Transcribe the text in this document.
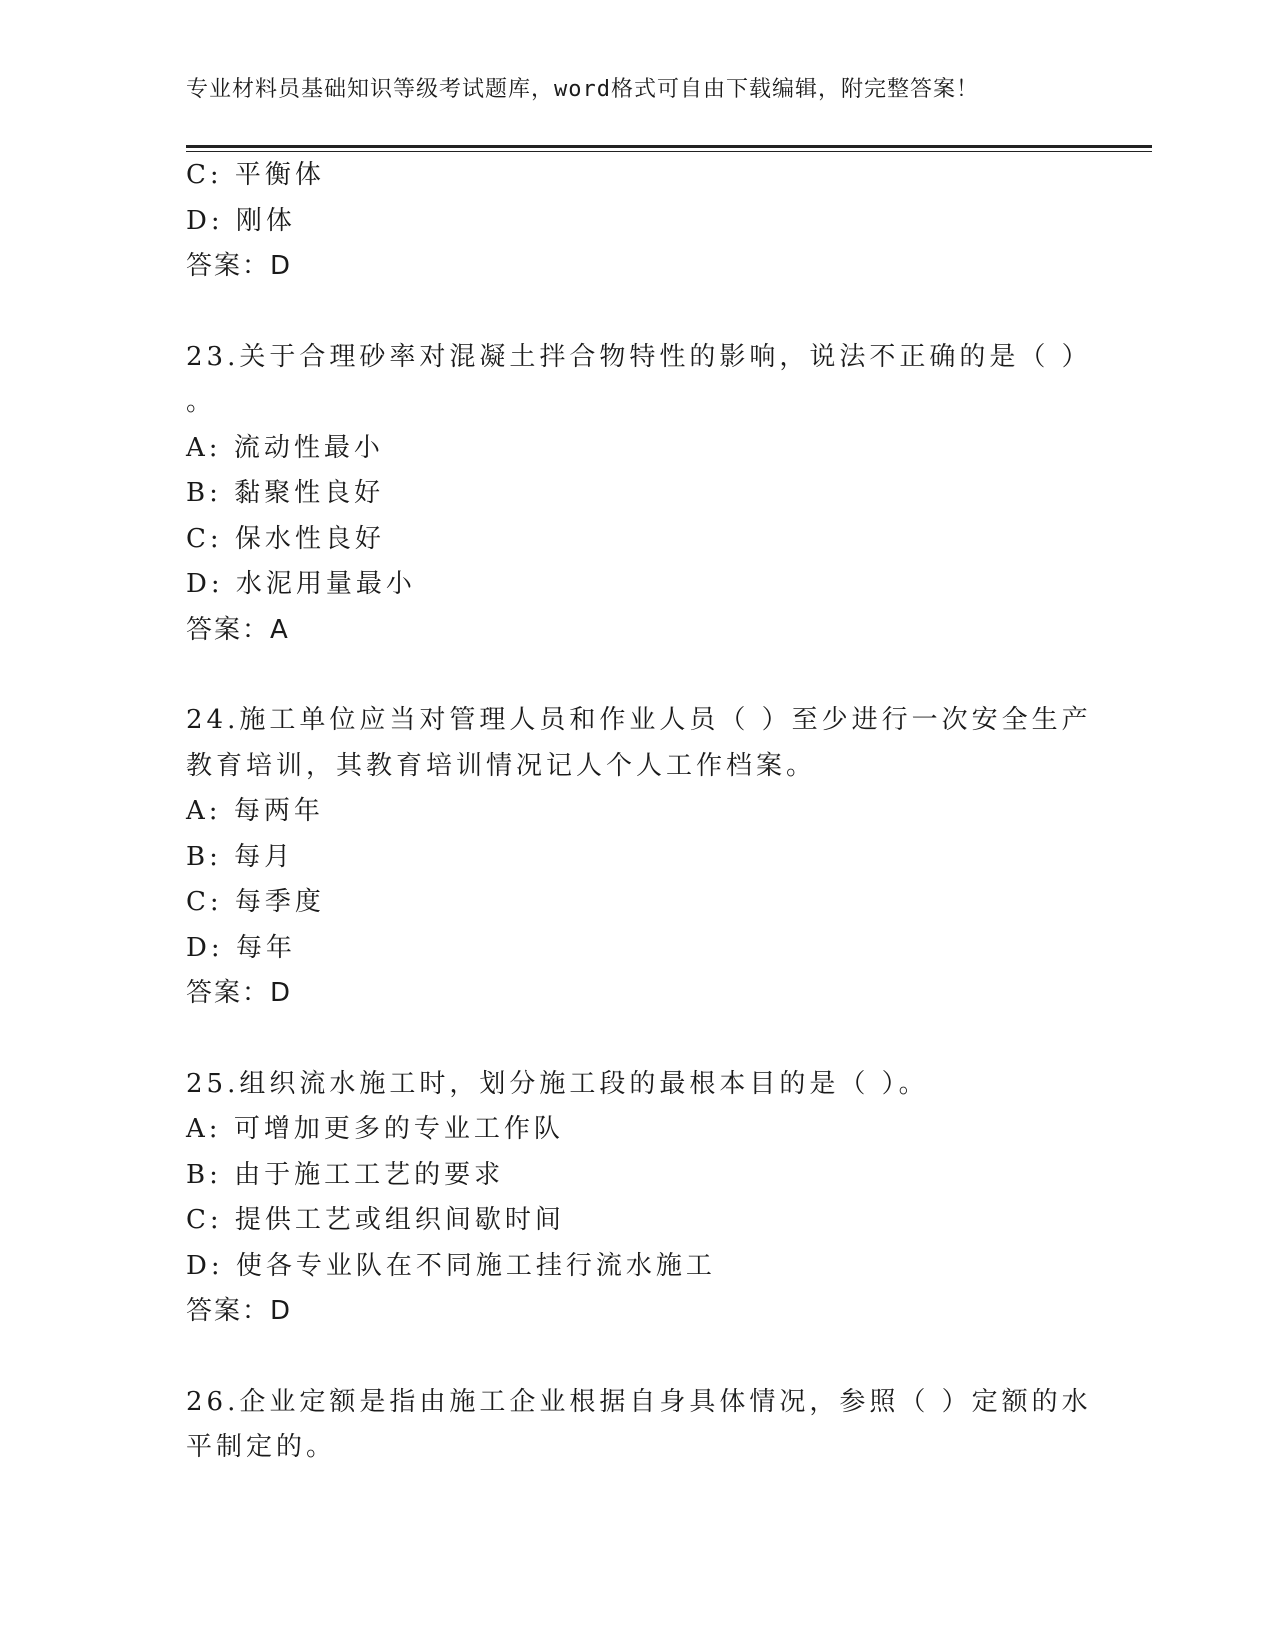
专业材料员基础知识等级考试题库，word格式可自由下载编辑，附完整答案！
C: 平衡体
D: 刚体
答案：D
23.关于合理砂率对混凝土拌合物特性的影响，说法不正确的是（ ）
。
A: 流动性最小
B: 黏聚性良好
C: 保水性良好
D: 水泥用量最小
答案：A
24.施工单位应当对管理人员和作业人员（ ）至少进行一次安全生产
教育培训，其教育培训情况记人个人工作档案。
A: 每两年
B: 每月
C: 每季度
D: 每年
答案：D
25.组织流水施工时，划分施工段的最根本目的是（ ）。
A: 可增加更多的专业工作队
B: 由于施工工艺的要求
C: 提供工艺或组织间歇时间
D: 使各专业队在不同施工挂行流水施工
答案：D
26.企业定额是指由施工企业根据自身具体情况，参照（ ）定额的水
平制定的。
